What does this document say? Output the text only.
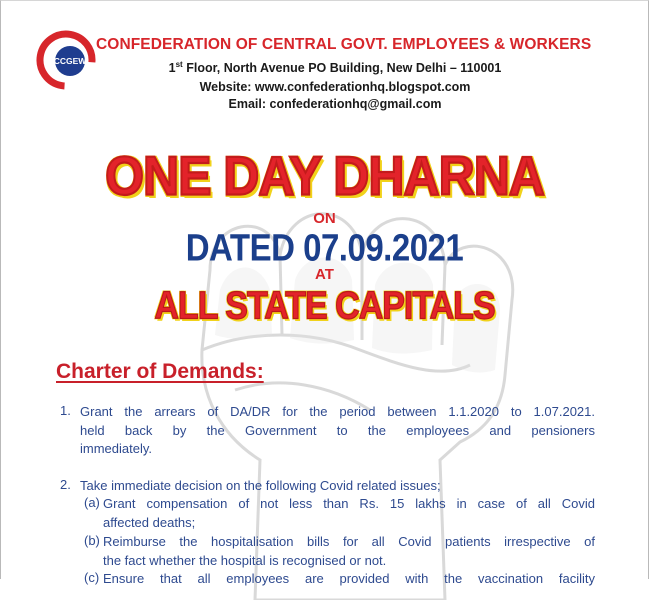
CCGEW
CONFEDERATION OF CENTRAL GOVT. EMPLOYEES & WORKERS
1st Floor, North Avenue PO Building, New Delhi – 110001
Website: www.confederationhq.blogspot.com
Email: confederationhq@gmail.com
ONE DAY DHARNA
ON
DATED 07.09.2021
AT
ALL STATE CAPITALS
Charter of Demands:
1. Grant the arrears of DA/DR for the period between 1.1.2020 to 1.07.2021.
held back by the Government to the employees and pensioners
immediately.
2. Take immediate decision on the following Covid related issues;
(a) Grant compensation of not less than Rs. 15 lakhs in case of all Covid
affected deaths;
(b) Reimburse the hospitalisation bills for all Covid patients irrespective of
the fact whether the hospital is recognised or not.
(c) Ensure that all employees are provided with the vaccination facility
